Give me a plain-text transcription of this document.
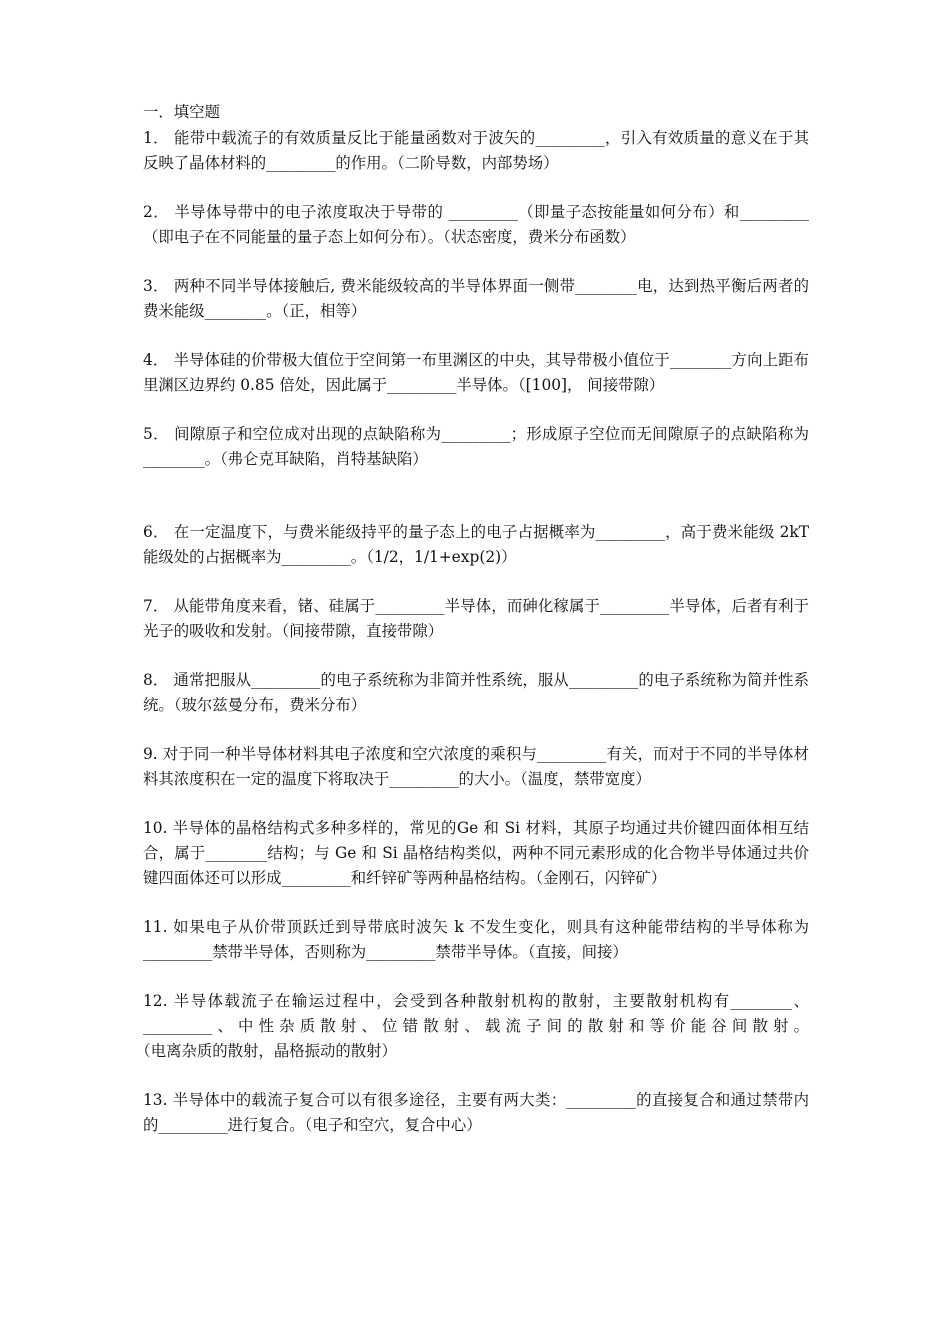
一．填空题
1． 能带中载流子的有效质量反比于能量函数对于波矢的_________，引入有效质量的意义在于其反映了晶体材料的_________的作用。（二阶导数，内部势场）
2． 半导体导带中的电子浓度取决于导带的 _________（即量子态按能量如何分布）和_________（即电子在不同能量的量子态上如何分布）。（状态密度，费米分布函数）
3． 两种不同半导体接触后, 费米能级较高的半导体界面一侧带________电，达到热平衡后两者的费米能级________。（正，相等）
4． 半导体硅的价带极大值位于空间第一布里渊区的中央，其导带极小值位于________方向上距布里渊区边界约 0.85 倍处，因此属于_________半导体。（[100]， 间接带隙）
5． 间隙原子和空位成对出现的点缺陷称为_________；形成原子空位而无间隙原子的点缺陷称为________。（弗仑克耳缺陷，肖特基缺陷）
6． 在一定温度下，与费米能级持平的量子态上的电子占据概率为_________，高于费米能级 2kT 能级处的占据概率为_________。（1/2，1/1+exp(2)）
7． 从能带角度来看，锗、硅属于_________半导体，而砷化稼属于_________半导体，后者有利于光子的吸收和发射。（间接带隙，直接带隙）
8． 通常把服从_________的电子系统称为非简并性系统，服从_________的电子系统称为简并性系统。（玻尔兹曼分布，费米分布）
9. 对于同一种半导体材料其电子浓度和空穴浓度的乘积与_________有关，而对于不同的半导体材料其浓度积在一定的温度下将取决于_________的大小。（温度，禁带宽度）
10. 半导体的晶格结构式多种多样的，常见的Ge 和 Si 材料，其原子均通过共价键四面体相互结合，属于________结构；与 Ge 和 Si 晶格结构类似，两种不同元素形成的化合物半导体通过共价键四面体还可以形成_________和纤锌矿等两种晶格结构。（金刚石，闪锌矿）
11. 如果电子从价带顶跃迁到导带底时波矢 k 不发生变化，则具有这种能带结构的半导体称为_________禁带半导体，否则称为_________禁带半导体。（直接，间接）
12. 半导体载流子在输运过程中，会受到各种散射机构的散射，主要散射机构有________、 _________、中性杂质散射、位错散射、载流子间的散射和等价能谷间散射。（电离杂质的散射，晶格振动的散射）
13. 半导体中的载流子复合可以有很多途径，主要有两大类：_________的直接复合和通过禁带内的_________进行复合。（电子和空穴，复合中心）
